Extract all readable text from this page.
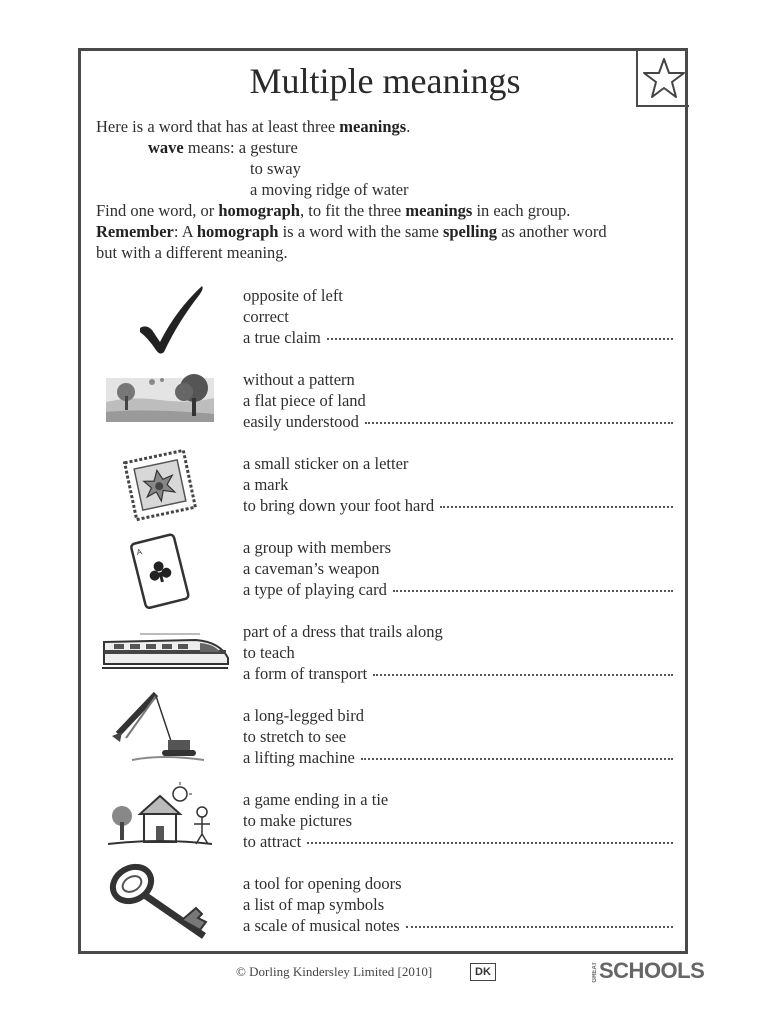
Multiple meanings

Here is a word that has at least three meanings.

wave means: a gesture

to sway

a moving ridge of water

Find one word, or homograph, to fit the three meanings in each group.

Remember: A homograph is a word with the same spelling as another word

but with a different meaning.

A
opposite of left
correct
a true claim
without a pattern
a flat piece of land
easily understood
a small sticker on a letter
a mark
to bring down your foot hard
a group with members
a caveman’s weapon
a type of playing card
part of a dress that trails along
to teach
a form of transport
a long-legged bird
to stretch to see
a lifting machine
a game ending in a tie
to make pictures
to attract
a tool for opening doors
a list of map symbols
a scale of musical notes
© Dorling Kindersley Limited [2010]	DK	GREATSCHOOLS
